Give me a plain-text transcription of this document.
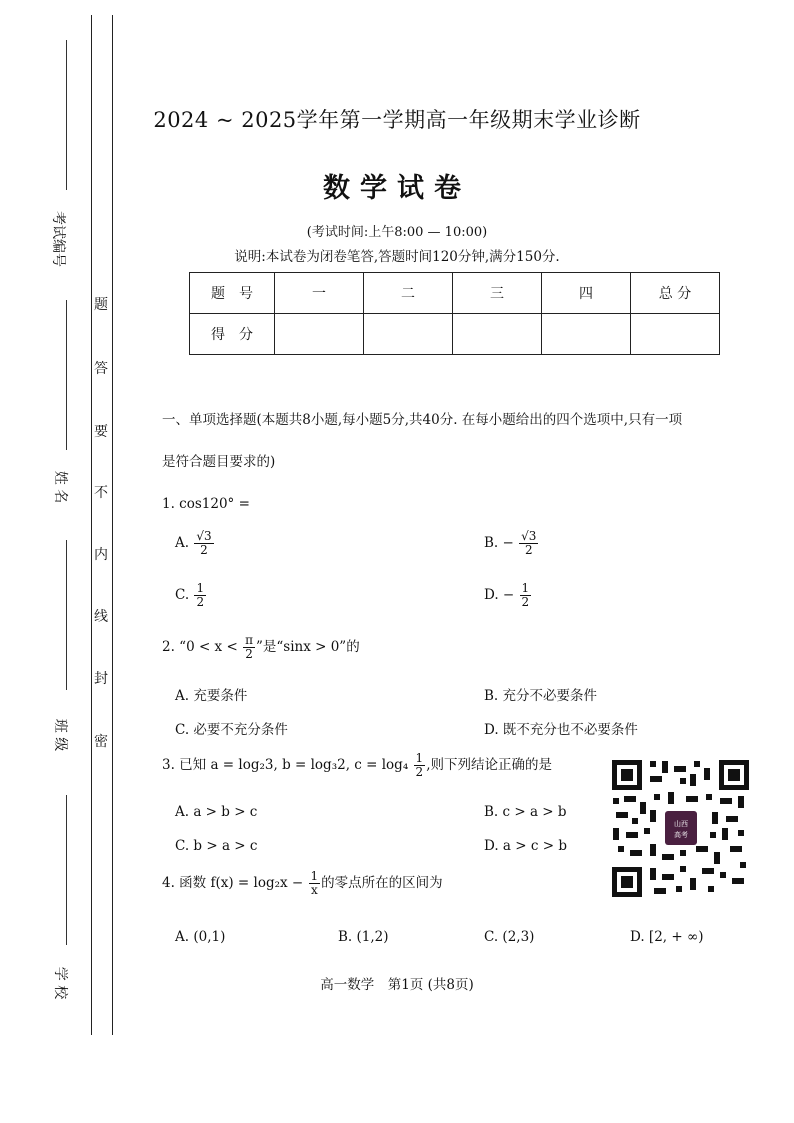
考试编号
姓 名
班 级
学 校
题
答
要
不
内
线
封
密
2024 ~ 2025学年第一学期高一年级期末学业诊断
数学试卷
(考试时间:上午8:00 — 10:00)
说明:本试卷为闭卷笔答,答题时间120分钟,满分150分.
题　号	一	二	三	四	总 分
得　分					
一、单项选择题(本题共8小题,每小题5分,共40分. 在每小题给出的四个选项中,只有一项
是符合题目要求的)
1. cos120° =
A. $\frac{√3}{2}$	B. − $\frac{√3}{2}$
C. $\frac{1}{2}$	D. − $\frac{1}{2}$
2. “$0 < x < \frac{\pi}{2}$ ”是“sinx > 0”的
A. 充要条件	B. 充分不必要条件
C. 必要不充分条件	D. 既不充分也不必要条件
3. 已知 a = log₂3, b = log₃2, $c = \log_4 \frac{1}{2}$ ,则下列结论正确的是
A. a > b > c	B. c > a > b
C. b > a > c	D. a > c > b
4. 函数 $f(x) = \log_2x - \frac{1}{x}$ 的零点所在的区间为
A. (0,1)	B. (1,2)	C. (2,3)	D. [2, + ∞)
山西
高考
高一数学　第1页 (共8页)
